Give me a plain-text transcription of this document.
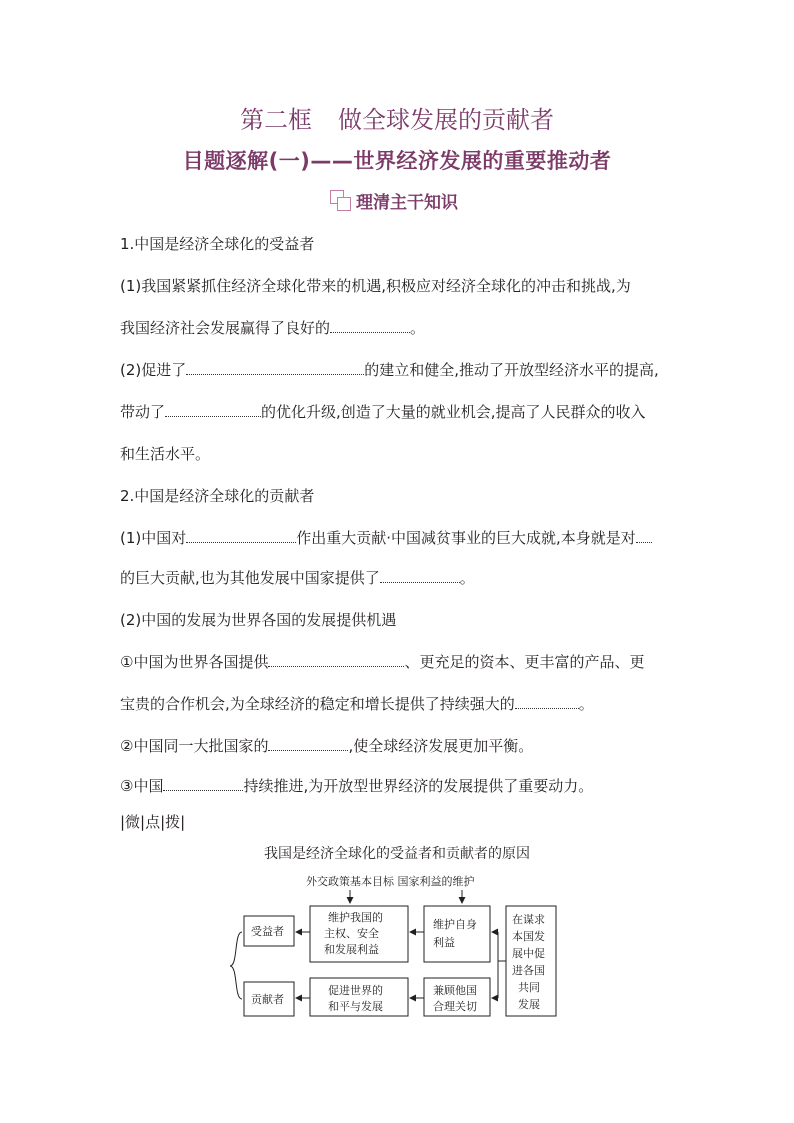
第二框 做全球发展的贡献者
目题逐解(一)——世界经济发展的重要推动者
理清主干知识
1.中国是经济全球化的受益者
(1)我国紧紧抓住经济全球化带来的机遇,积极应对经济全球化的冲击和挑战,为
我国经济社会发展赢得了良好的	。
(2)促进了	的建立和健全,推动了开放型经济水平的提高,
带动了	的优化升级,创造了大量的就业机会,提高了人民群众的收入
和生活水平。
2.中国是经济全球化的贡献者
(1)中国对	作出重大贡献·中国减贫事业的巨大成就,本身就是对
的巨大贡献,也为其他发展中国家提供了	。
(2)中国的发展为世界各国的发展提供机遇
①中国为世界各国提供	、更充足的资本、更丰富的产品、更
宝贵的合作机会,为全球经济的稳定和增长提供了持续强大的	。
②中国同一大批国家的	,使全球经济发展更加平衡。
③中国	持续推进,为开放型世界经济的发展提供了重要动力。
|微|点|拨|
我国是经济全球化的受益者和贡献者的原因
外交政策基本目标 国家利益的维护
受益者
贡献者
维护我国的
主权、安全
和发展利益
促进世界的
和平与发展
维护自身
利益
兼顾他国
合理关切
在谋求
本国发
展中促
进各国
共同
发展
